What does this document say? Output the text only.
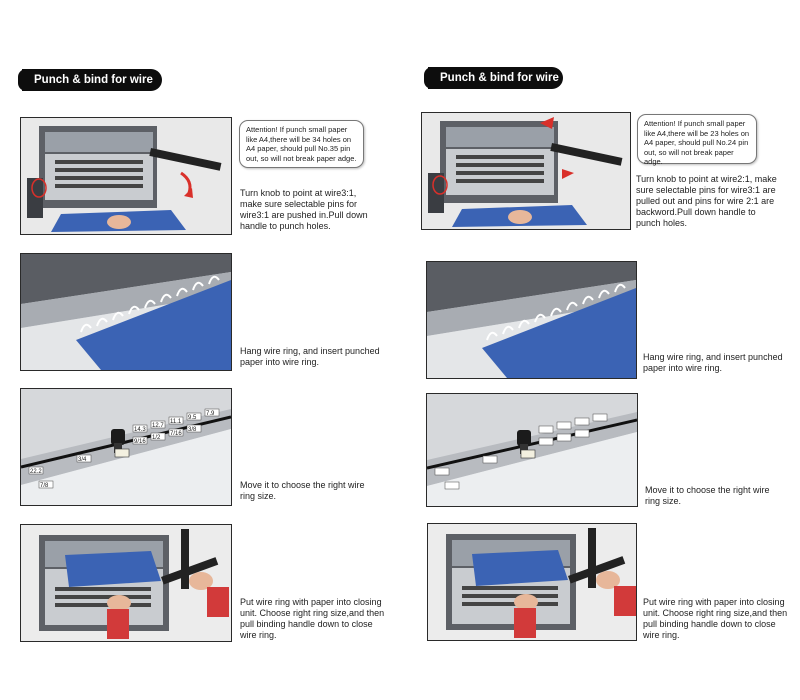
Punch & bind for wire 3:1
Attention! If punch small paper like A4,there will be 34 holes on A4 paper, should pull No.35 pin out, so will not break paper adge.
Turn knob to point at wire3:1, make sure selectable pins for wire3:1 are pushed in.Pull down handle to punch holes.
Hang wire ring, and insert punched paper into wire ring.
14.3
12.7
11.1
9.5
7.9
9/16
1/2
7/16
3/8
22.2
7/8
3/4
Move it to choose the right wire ring size.
Put wire ring with paper into closing unit. Choose right ring size,and then pull binding handle down to close wire ring.
Punch & bind for wire 2:1
Attention! If punch small paper like A4,there will be 23 holes on A4 paper, should pull No.24 pin out, so will not break paper adge.
Turn knob to point at wire2:1, make sure selectable pins for wire3:1 are pulled out and pins for wire 2:1 are backword.Pull down handle to punch holes.
Hang wire ring, and insert punched paper into wire ring.
Move it to choose the right wire ring size.
Put wire ring with paper into closing unit. Choose right ring size,and then pull binding handle down to close wire ring.
